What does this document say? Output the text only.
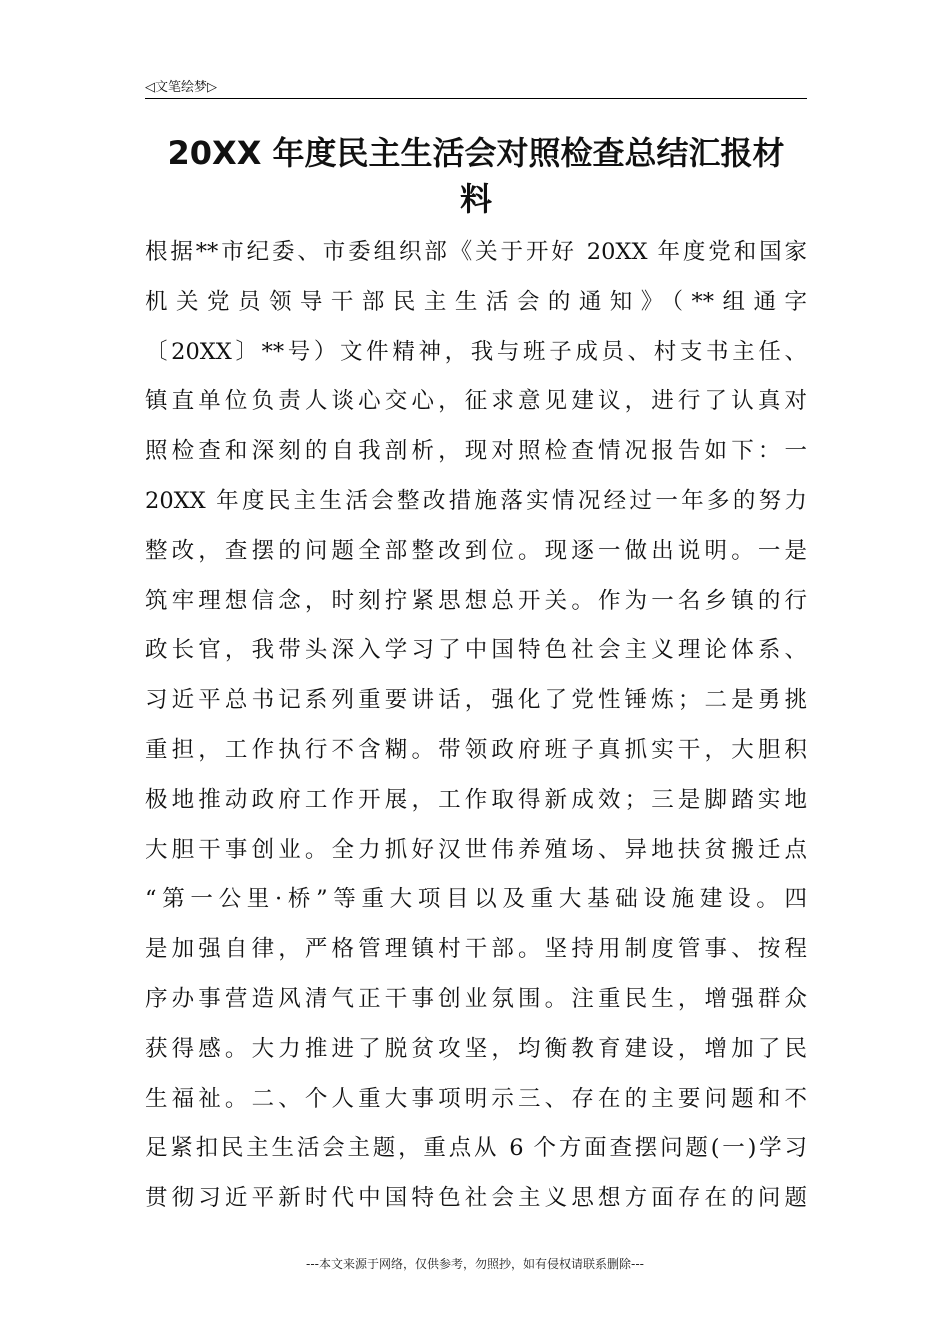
◁文笔绘梦▷
20XX 年度民主生活会对照检查总结汇报材
料
根据**市纪委、市委组织部《关于开好 20XX 年度党和国家
机关党员领导干部民主生活会的通知》（**组通字
〔20XX〕**号）文件精神，我与班子成员、村支书主任、
镇直单位负责人谈心交心，征求意见建议，进行了认真对
照检查和深刻的自我剖析，现对照检查情况报告如下：一
20XX 年度民主生活会整改措施落实情况经过一年多的努力
整改，查摆的问题全部整改到位。现逐一做出说明。一是
筑牢理想信念，时刻拧紧思想总开关。作为一名乡镇的行
政长官，我带头深入学习了中国特色社会主义理论体系、
习近平总书记系列重要讲话，强化了党性锤炼；二是勇挑
重担，工作执行不含糊。带领政府班子真抓实干，大胆积
极地推动政府工作开展，工作取得新成效；三是脚踏实地
大胆干事创业。全力抓好汉世伟养殖场、异地扶贫搬迁点
“第一公里·桥”等重大项目以及重大基础设施建设。四
是加强自律，严格管理镇村干部。坚持用制度管事、按程
序办事营造风清气正干事创业氛围。注重民生，增强群众
获得感。大力推进了脱贫攻坚，均衡教育建设，增加了民
生福祉。二、个人重大事项明示三、存在的主要问题和不
足紧扣民主生活会主题，重点从 6 个方面查摆问题(一)学习
贯彻习近平新时代中国特色社会主义思想方面存在的问题
---本文来源于网络，仅供参考，勿照抄，如有侵权请联系删除---
